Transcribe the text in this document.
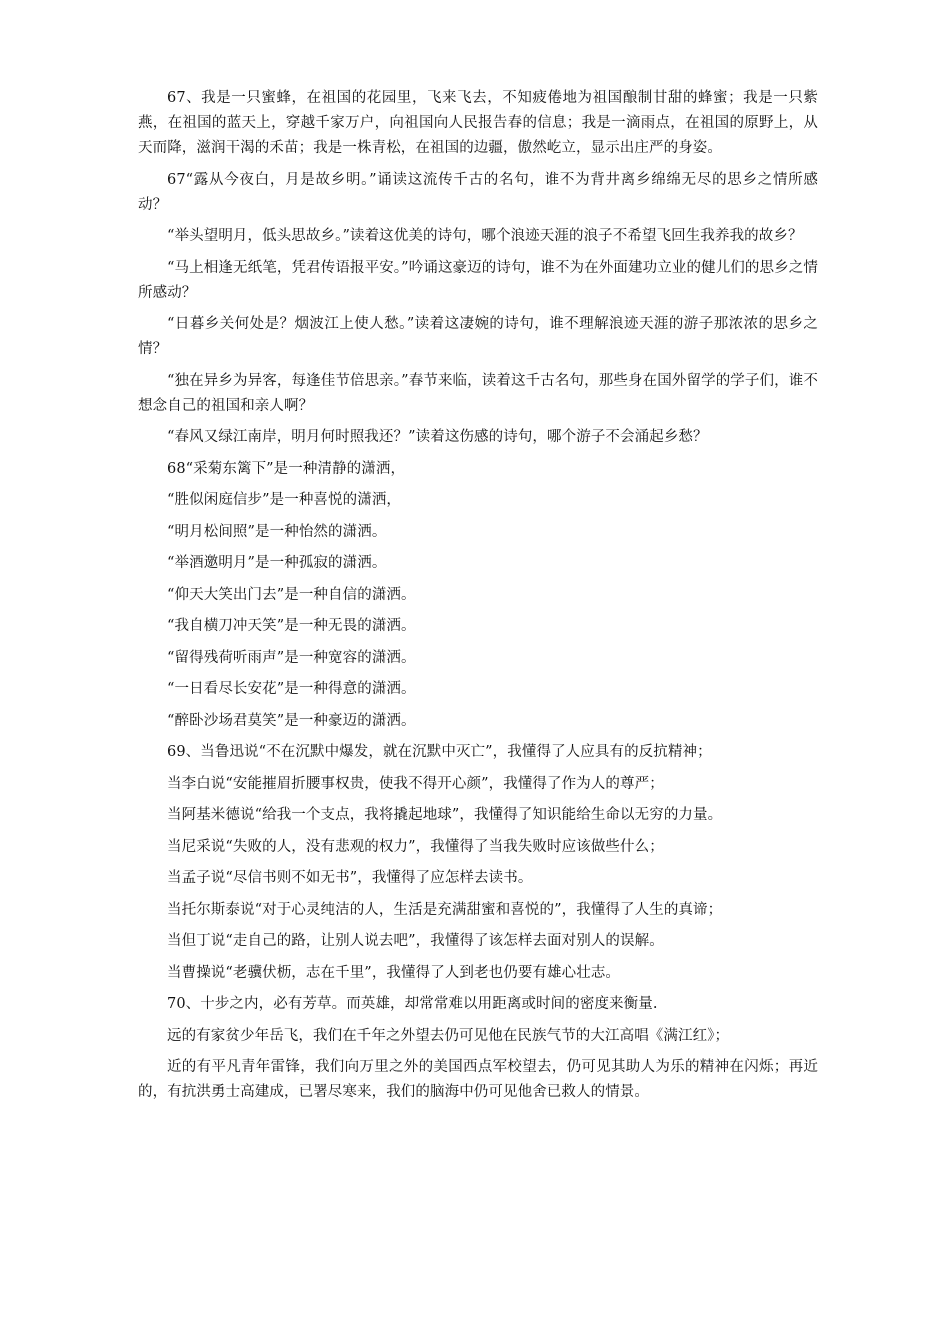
67、我是一只蜜蜂，在祖国的花园里，飞来飞去，不知疲倦地为祖国酿制甘甜的蜂蜜；我是一只紫燕，在祖国的蓝天上，穿越千家万户，向祖国向人民报告春的信息；我是一滴雨点，在祖国的原野上，从天而降，滋润干渴的禾苗；我是一株青松，在祖国的边疆，傲然屹立，显示出庄严的身姿。

67“露从今夜白，月是故乡明。”诵读这流传千古的名句，谁不为背井离乡绵绵无尽的思乡之情所感动？

“举头望明月，低头思故乡。”读着这优美的诗句，哪个浪迹天涯的浪子不希望飞回生我养我的故乡？

“马上相逢无纸笔，凭君传语报平安。”吟诵这豪迈的诗句，谁不为在外面建功立业的健儿们的思乡之情所感动？

“日暮乡关何处是？烟波江上使人愁。”读着这凄婉的诗句，谁不理解浪迹天涯的游子那浓浓的思乡之情？

“独在异乡为异客，每逢佳节倍思亲。”春节来临，读着这千古名句，那些身在国外留学的学子们，谁不想念自己的祖国和亲人啊？

“春风又绿江南岸，明月何时照我还？”读着这伤感的诗句，哪个游子不会涌起乡愁？

68“采菊东篱下”是一种清静的潇洒，

“胜似闲庭信步”是一种喜悦的潇洒，

“明月松间照”是一种怡然的潇洒。

“举酒邀明月”是一种孤寂的潇洒。

“仰天大笑出门去”是一种自信的潇洒。

“我自横刀冲天笑”是一种无畏的潇洒。

“留得残荷听雨声”是一种宽容的潇洒。

“一日看尽长安花”是一种得意的潇洒。

“醉卧沙场君莫笑”是一种豪迈的潇洒。

69、当鲁迅说“不在沉默中爆发，就在沉默中灭亡”，我懂得了人应具有的反抗精神；

当李白说“安能摧眉折腰事权贵，使我不得开心颜”，我懂得了作为人的尊严；

当阿基米德说“给我一个支点，我将撬起地球”，我懂得了知识能给生命以无穷的力量。

当尼采说“失败的人，没有悲观的权力”，我懂得了当我失败时应该做些什么；

当孟子说“尽信书则不如无书”，我懂得了应怎样去读书。

当托尔斯泰说“对于心灵纯洁的人，生活是充满甜蜜和喜悦的”，我懂得了人生的真谛；

当但丁说“走自己的路，让别人说去吧”，我懂得了该怎样去面对别人的误解。

当曹操说“老骥伏枥，志在千里”，我懂得了人到老也仍要有雄心壮志。

70、十步之内，必有芳草。而英雄，却常常难以用距离或时间的密度来衡量.

远的有家贫少年岳飞，我们在千年之外望去仍可见他在民族气节的大江高唱《满江红》；

近的有平凡青年雷锋，我们向万里之外的美国西点军校望去，仍可见其助人为乐的精神在闪烁；再近的，有抗洪勇士高建成，已署尽寒来，我们的脑海中仍可见他舍已救人的情景。
